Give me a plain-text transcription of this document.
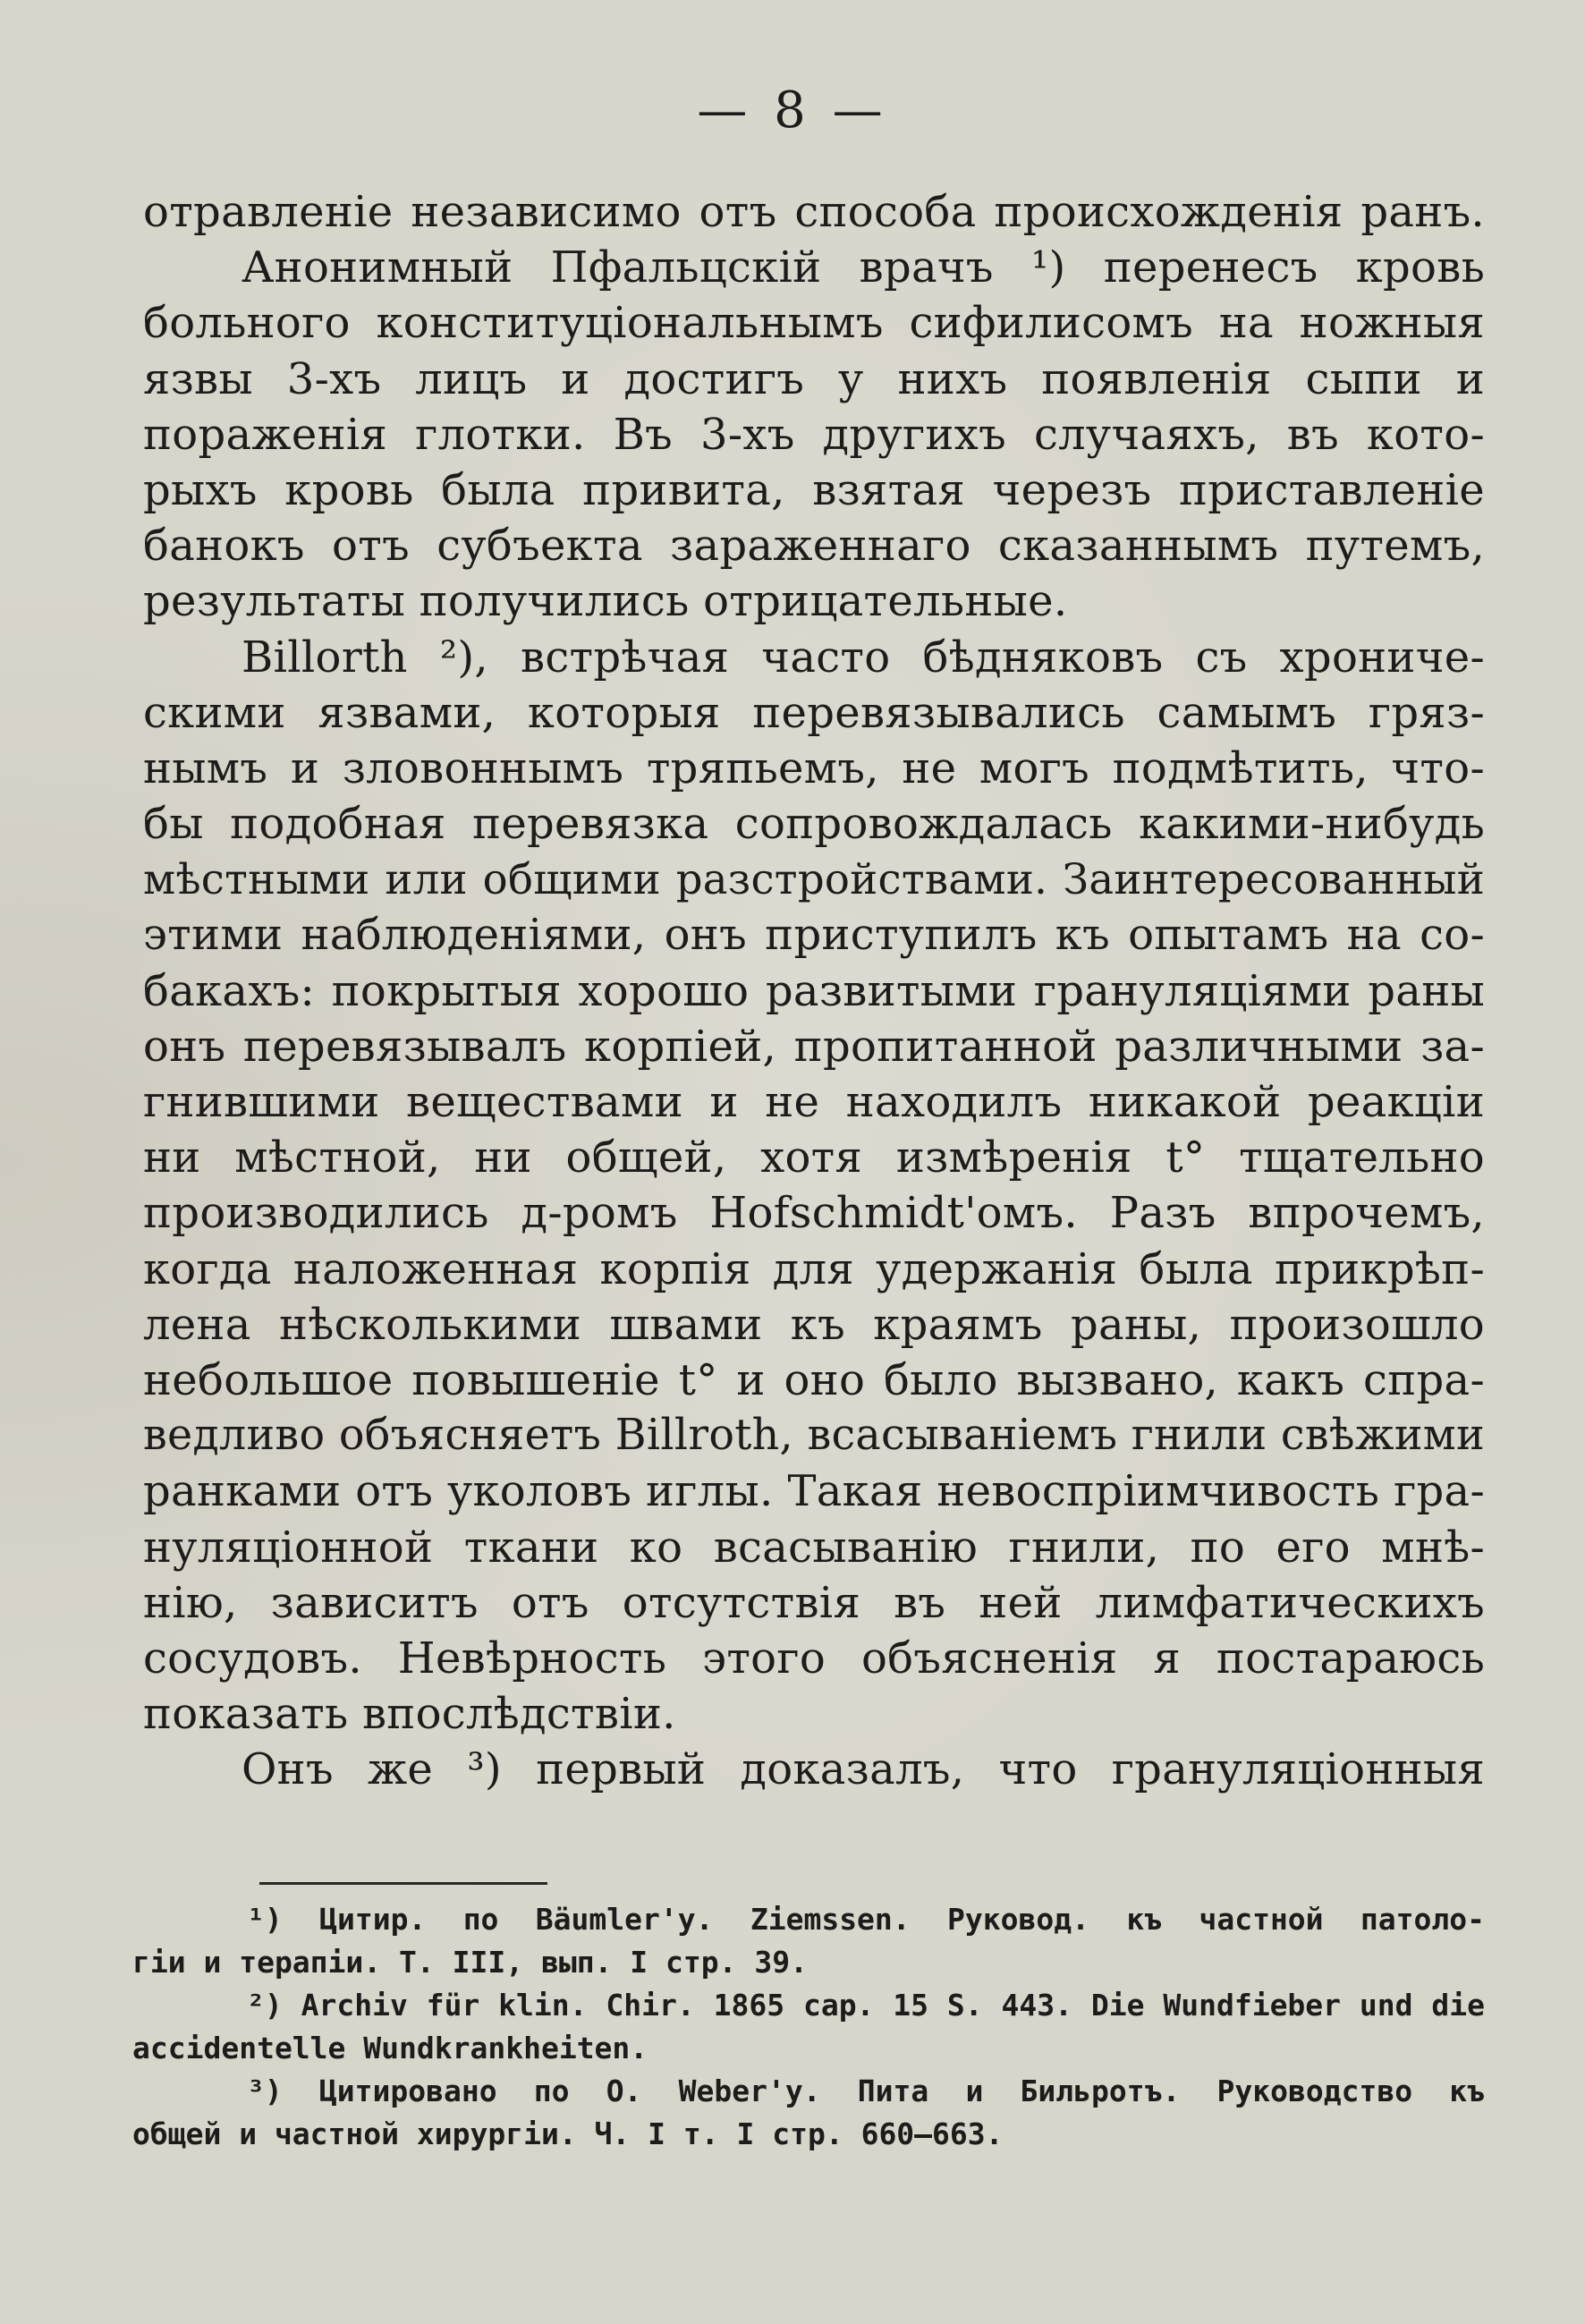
— 8 —
отравленіе независимо отъ способа происхожденія ранъ.
Анонимный Пфальцскій врачъ ¹) перенесъ кровь
больного конституціональнымъ сифилисомъ на ножныя
язвы 3-хъ лицъ и достигъ у нихъ появленія сыпи и
пораженія глотки. Въ 3-хъ другихъ случаяхъ, въ кото-
рыхъ кровь была привита, взятая черезъ приставленіе
банокъ отъ субъекта зараженнаго сказаннымъ путемъ,
результаты получились отрицательные.
Billorth ²), встрѣчая часто бѣдняковъ съ хрониче-
скими язвами, которыя перевязывались самымъ гряз-
нымъ и зловоннымъ тряпьемъ, не могъ подмѣтить, что-
бы подобная перевязка сопровождалась какими-нибудь
мѣстными или общими разстройствами. Заинтересованный
этими наблюденіями, онъ приступилъ къ опытамъ на со-
бакахъ: покрытыя хорошо развитыми грануляціями раны
онъ перевязывалъ корпіей, пропитанной различными за-
гнившими веществами и не находилъ никакой реакціи
ни мѣстной, ни общей, хотя измѣренія t° тщательно
производились д-ромъ Hofschmidt'омъ. Разъ впрочемъ,
когда наложенная корпія для удержанія была прикрѣп-
лена нѣсколькими швами къ краямъ раны, произошло
небольшое повышеніе t° и оно было вызвано, какъ спра-
ведливо объясняетъ Billroth, всасываніемъ гнили свѣжими
ранками отъ уколовъ иглы. Такая невоспріимчивость гра-
нуляціонной ткани ко всасыванію гнили, по его мнѣ-
нію, зависитъ отъ отсутствія въ ней лимфатическихъ
сосудовъ. Невѣрность этого объясненія я постараюсь
показать впослѣдствіи.
Онъ же ³) первый доказалъ, что грануляціонныя
¹) Цитир. по Bäumler'у. Ziemssen. Руковод. къ частной патоло-
гіи и терапіи. Т. III, вып. I стр. 39.
²) Archiv für klin. Chir. 1865 cap. 15 S. 443. Die Wundfieber und die
accidentelle Wundkrankheiten.
³) Цитировано по О. Weber'у. Пита и Бильротъ. Руководство къ
общей и частной хирургіи. Ч. I т. I стр. 660—663.
